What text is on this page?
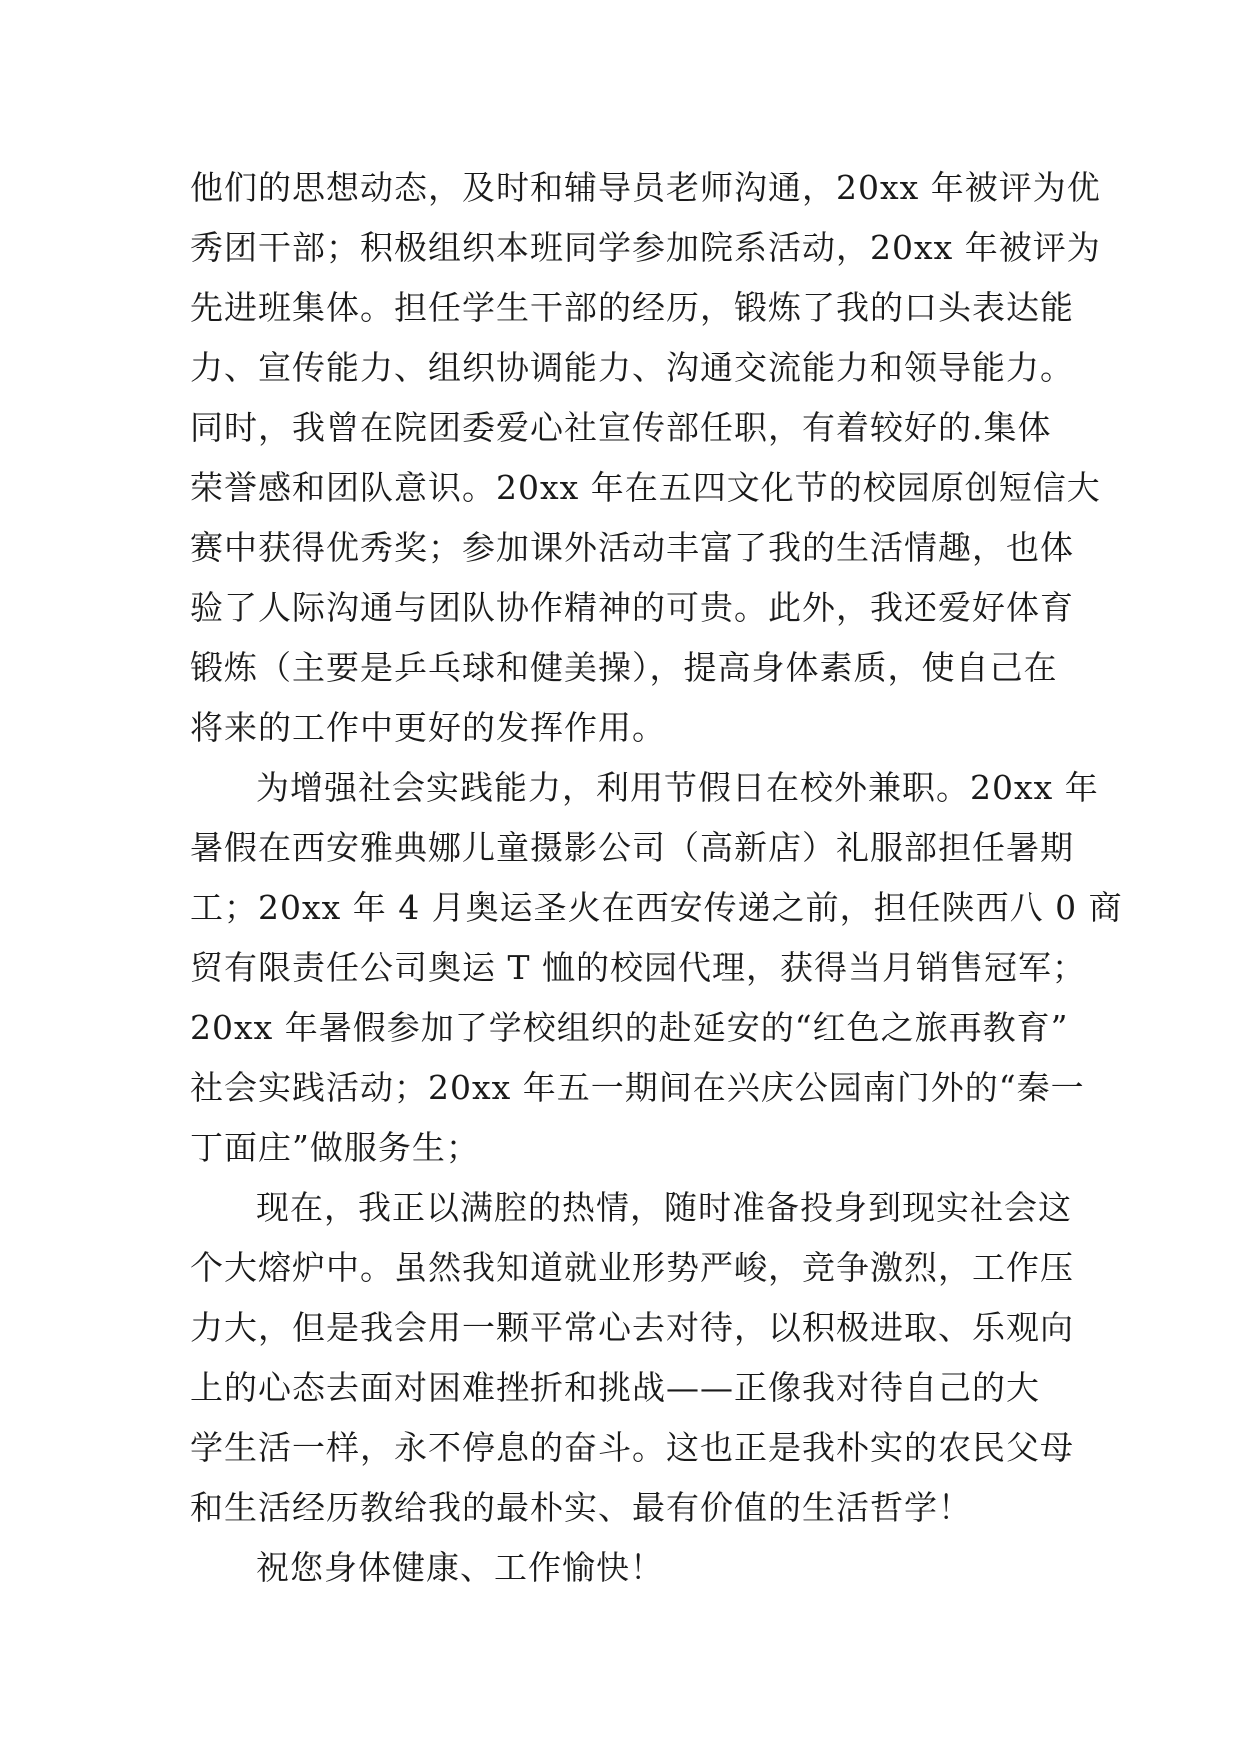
他们的思想动态，及时和辅导员老师沟通，20xx 年被评为优
秀团干部；积极组织本班同学参加院系活动，20xx 年被评为
先进班集体。担任学生干部的经历，锻炼了我的口头表达能
力、宣传能力、组织协调能力、沟通交流能力和领导能力。
同时，我曾在院团委爱心社宣传部任职，有着较好的.集体
荣誉感和团队意识。20xx 年在五四文化节的校园原创短信大
赛中获得优秀奖；参加课外活动丰富了我的生活情趣，也体
验了人际沟通与团队协作精神的可贵。此外，我还爱好体育
锻炼（主要是乒乓球和健美操），提高身体素质，使自己在
将来的工作中更好的发挥作用。
为增强社会实践能力，利用节假日在校外兼职。20xx 年
暑假在西安雅典娜儿童摄影公司（高新店）礼服部担任暑期
工；20xx 年 4 月奥运圣火在西安传递之前，担任陕西八 0 商
贸有限责任公司奥运 T 恤的校园代理，获得当月销售冠军；
20xx 年暑假参加了学校组织的赴延安的“红色之旅再教育”
社会实践活动；20xx 年五一期间在兴庆公园南门外的“秦一
丁面庄”做服务生；
现在，我正以满腔的热情，随时准备投身到现实社会这
个大熔炉中。虽然我知道就业形势严峻，竞争激烈，工作压
力大，但是我会用一颗平常心去对待，以积极进取、乐观向
上的心态去面对困难挫折和挑战——正像我对待自己的大
学生活一样，永不停息的奋斗。这也正是我朴实的农民父母
和生活经历教给我的最朴实、最有价值的生活哲学！
祝您身体健康、工作愉快！
